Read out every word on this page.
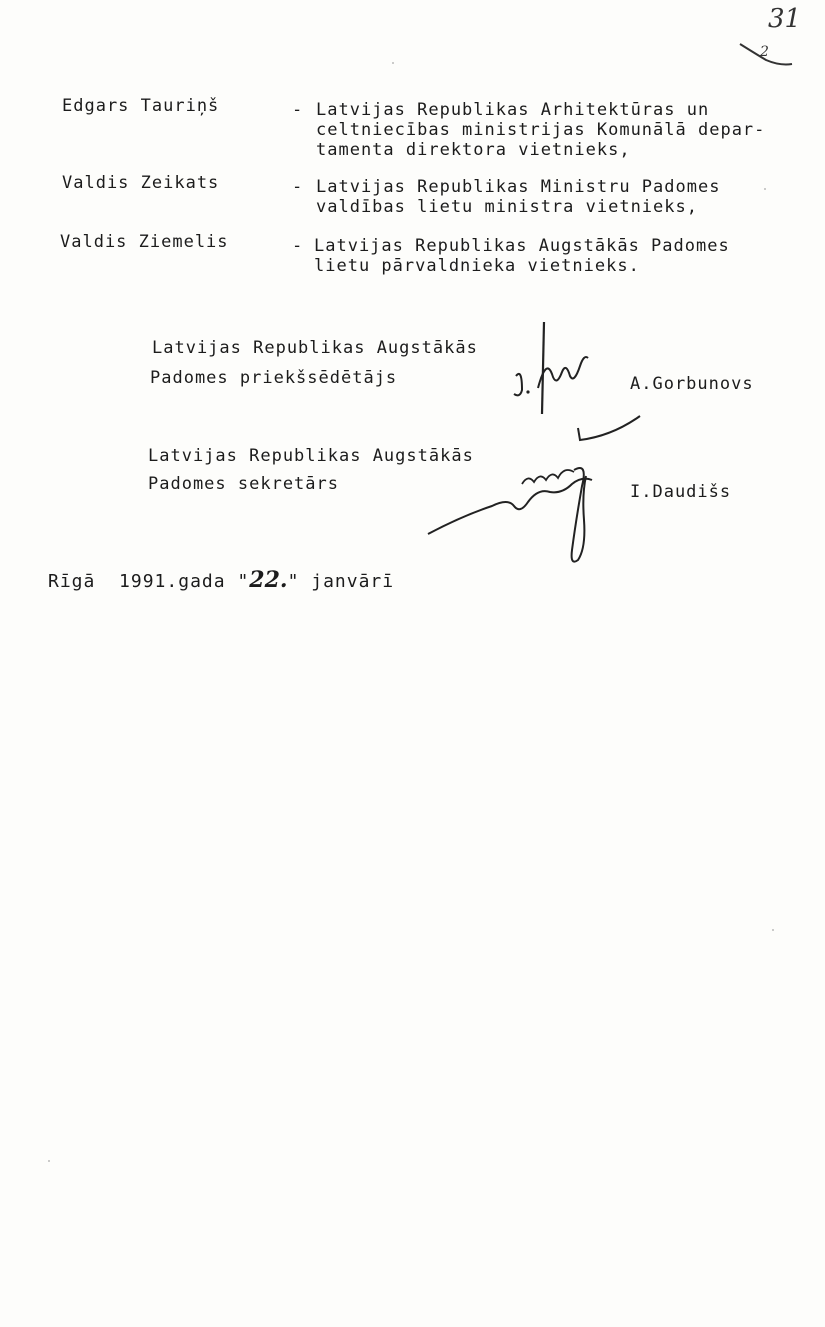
31
2
Edgars Tauriņš	- Latvijas Republikas Arhitektūras un
celtniecības ministrijas Komunālā depar-
tamenta direktora vietnieks,
Valdis Zeikats	- Latvijas Republikas Ministru Padomes
valdības lietu ministra vietnieks,
Valdis Ziemelis	- Latvijas Republikas Augstākās Padomes
lietu pārvaldnieka vietnieks.
Latvijas Republikas Augstākās
Padomes priekšsēdētājs	A.Gorbunovs
Latvijas Republikas Augstākās
Padomes sekretārs	I.Daudišs
Rīgā 1991.gada "22." janvārī
